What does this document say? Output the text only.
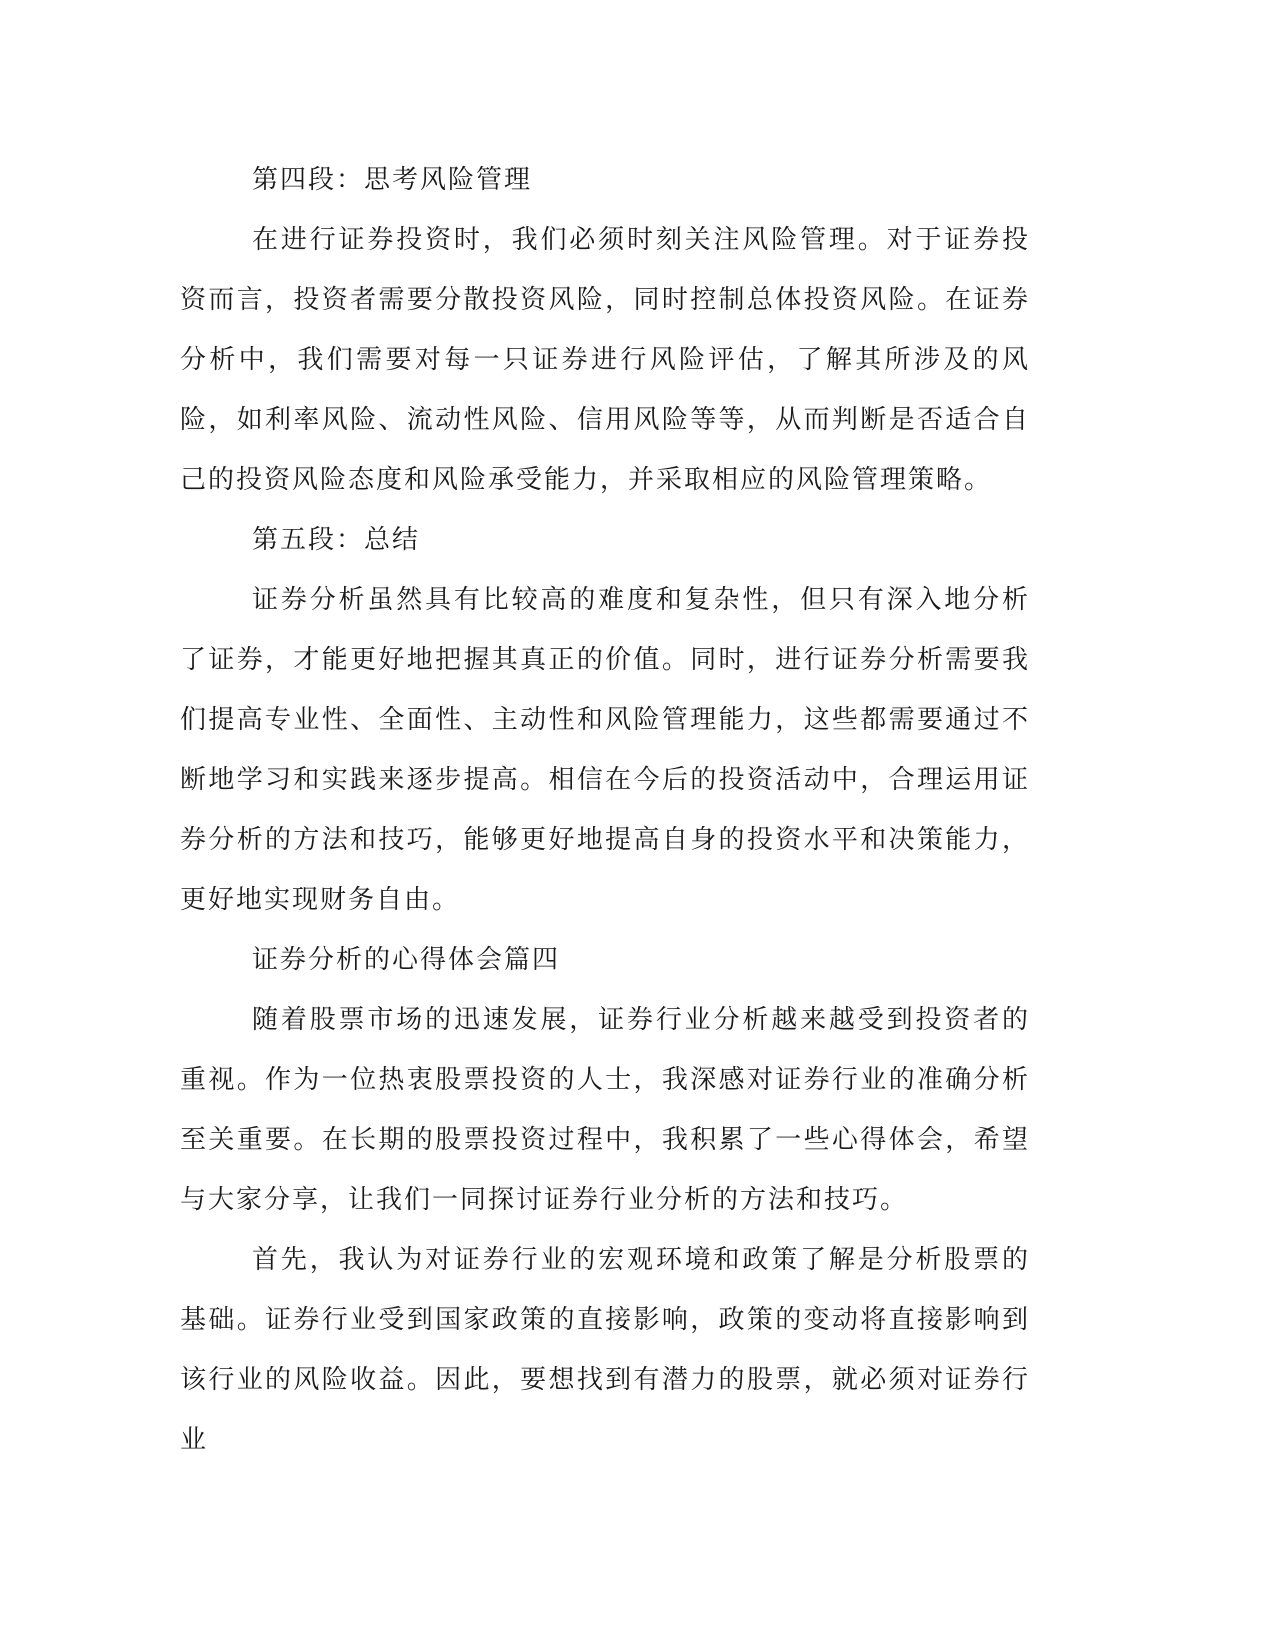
第四段：思考风险管理

在进行证券投资时，我们必须时刻关注风险管理。对于证券投资而言，投资者需要分散投资风险，同时控制总体投资风险。在证券分析中，我们需要对每一只证券进行风险评估，了解其所涉及的风险，如利率风险、流动性风险、信用风险等等，从而判断是否适合自己的投资风险态度和风险承受能力，并采取相应的风险管理策略。

第五段：总结

证券分析虽然具有比较高的难度和复杂性，但只有深入地分析了证券，才能更好地把握其真正的价值。同时，进行证券分析需要我们提高专业性、全面性、主动性和风险管理能力，这些都需要通过不断地学习和实践来逐步提高。相信在今后的投资活动中，合理运用证券分析的方法和技巧，能够更好地提高自身的投资水平和决策能力，更好地实现财务自由。

证券分析的心得体会篇四

随着股票市场的迅速发展，证券行业分析越来越受到投资者的重视。作为一位热衷股票投资的人士，我深感对证券行业的准确分析至关重要。在长期的股票投资过程中，我积累了一些心得体会，希望与大家分享，让我们一同探讨证券行业分析的方法和技巧。

首先，我认为对证券行业的宏观环境和政策了解是分析股票的基础。证券行业受到国家政策的直接影响，政策的变动将直接影响到该行业的风险收益。因此，要想找到有潜力的股票，就必须对证券行业
